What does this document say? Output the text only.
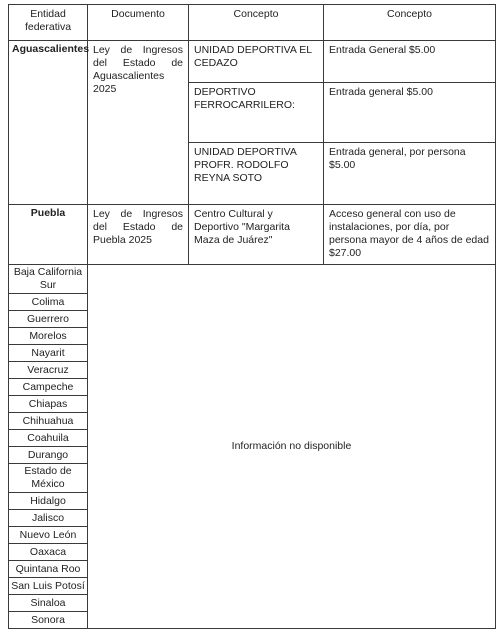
Entidad federativa	Documento	Concepto	Concepto
Aguascalientes	Ley de Ingresos del Estado de Aguascalientes 2025	UNIDAD DEPORTIVA EL CEDAZO	Entrada General $5.00
		DEPORTIVO FERROCARRILERO:	Entrada general $5.00
		UNIDAD DEPORTIVA PROFR. RODOLFO REYNA SOTO	Entrada general, por persona $5.00
Puebla	Ley de Ingresos del Estado de Puebla 2025	Centro Cultural y Deportivo "Margarita Maza de Juárez"	Acceso general con uso de instalaciones, por día, por persona mayor de 4 años de edad $27.00
Baja California Sur	Información no disponible		
Colima			
Guerrero			
Morelos			
Nayarit			
Veracruz			
Campeche			
Chiapas			
Chihuahua			
Coahuila			
Durango			
Estado de México			
Hidalgo			
Jalisco			
Nuevo León			
Oaxaca			
Quintana Roo			
San Luis Potosí			
Sinaloa			
Sonora			
